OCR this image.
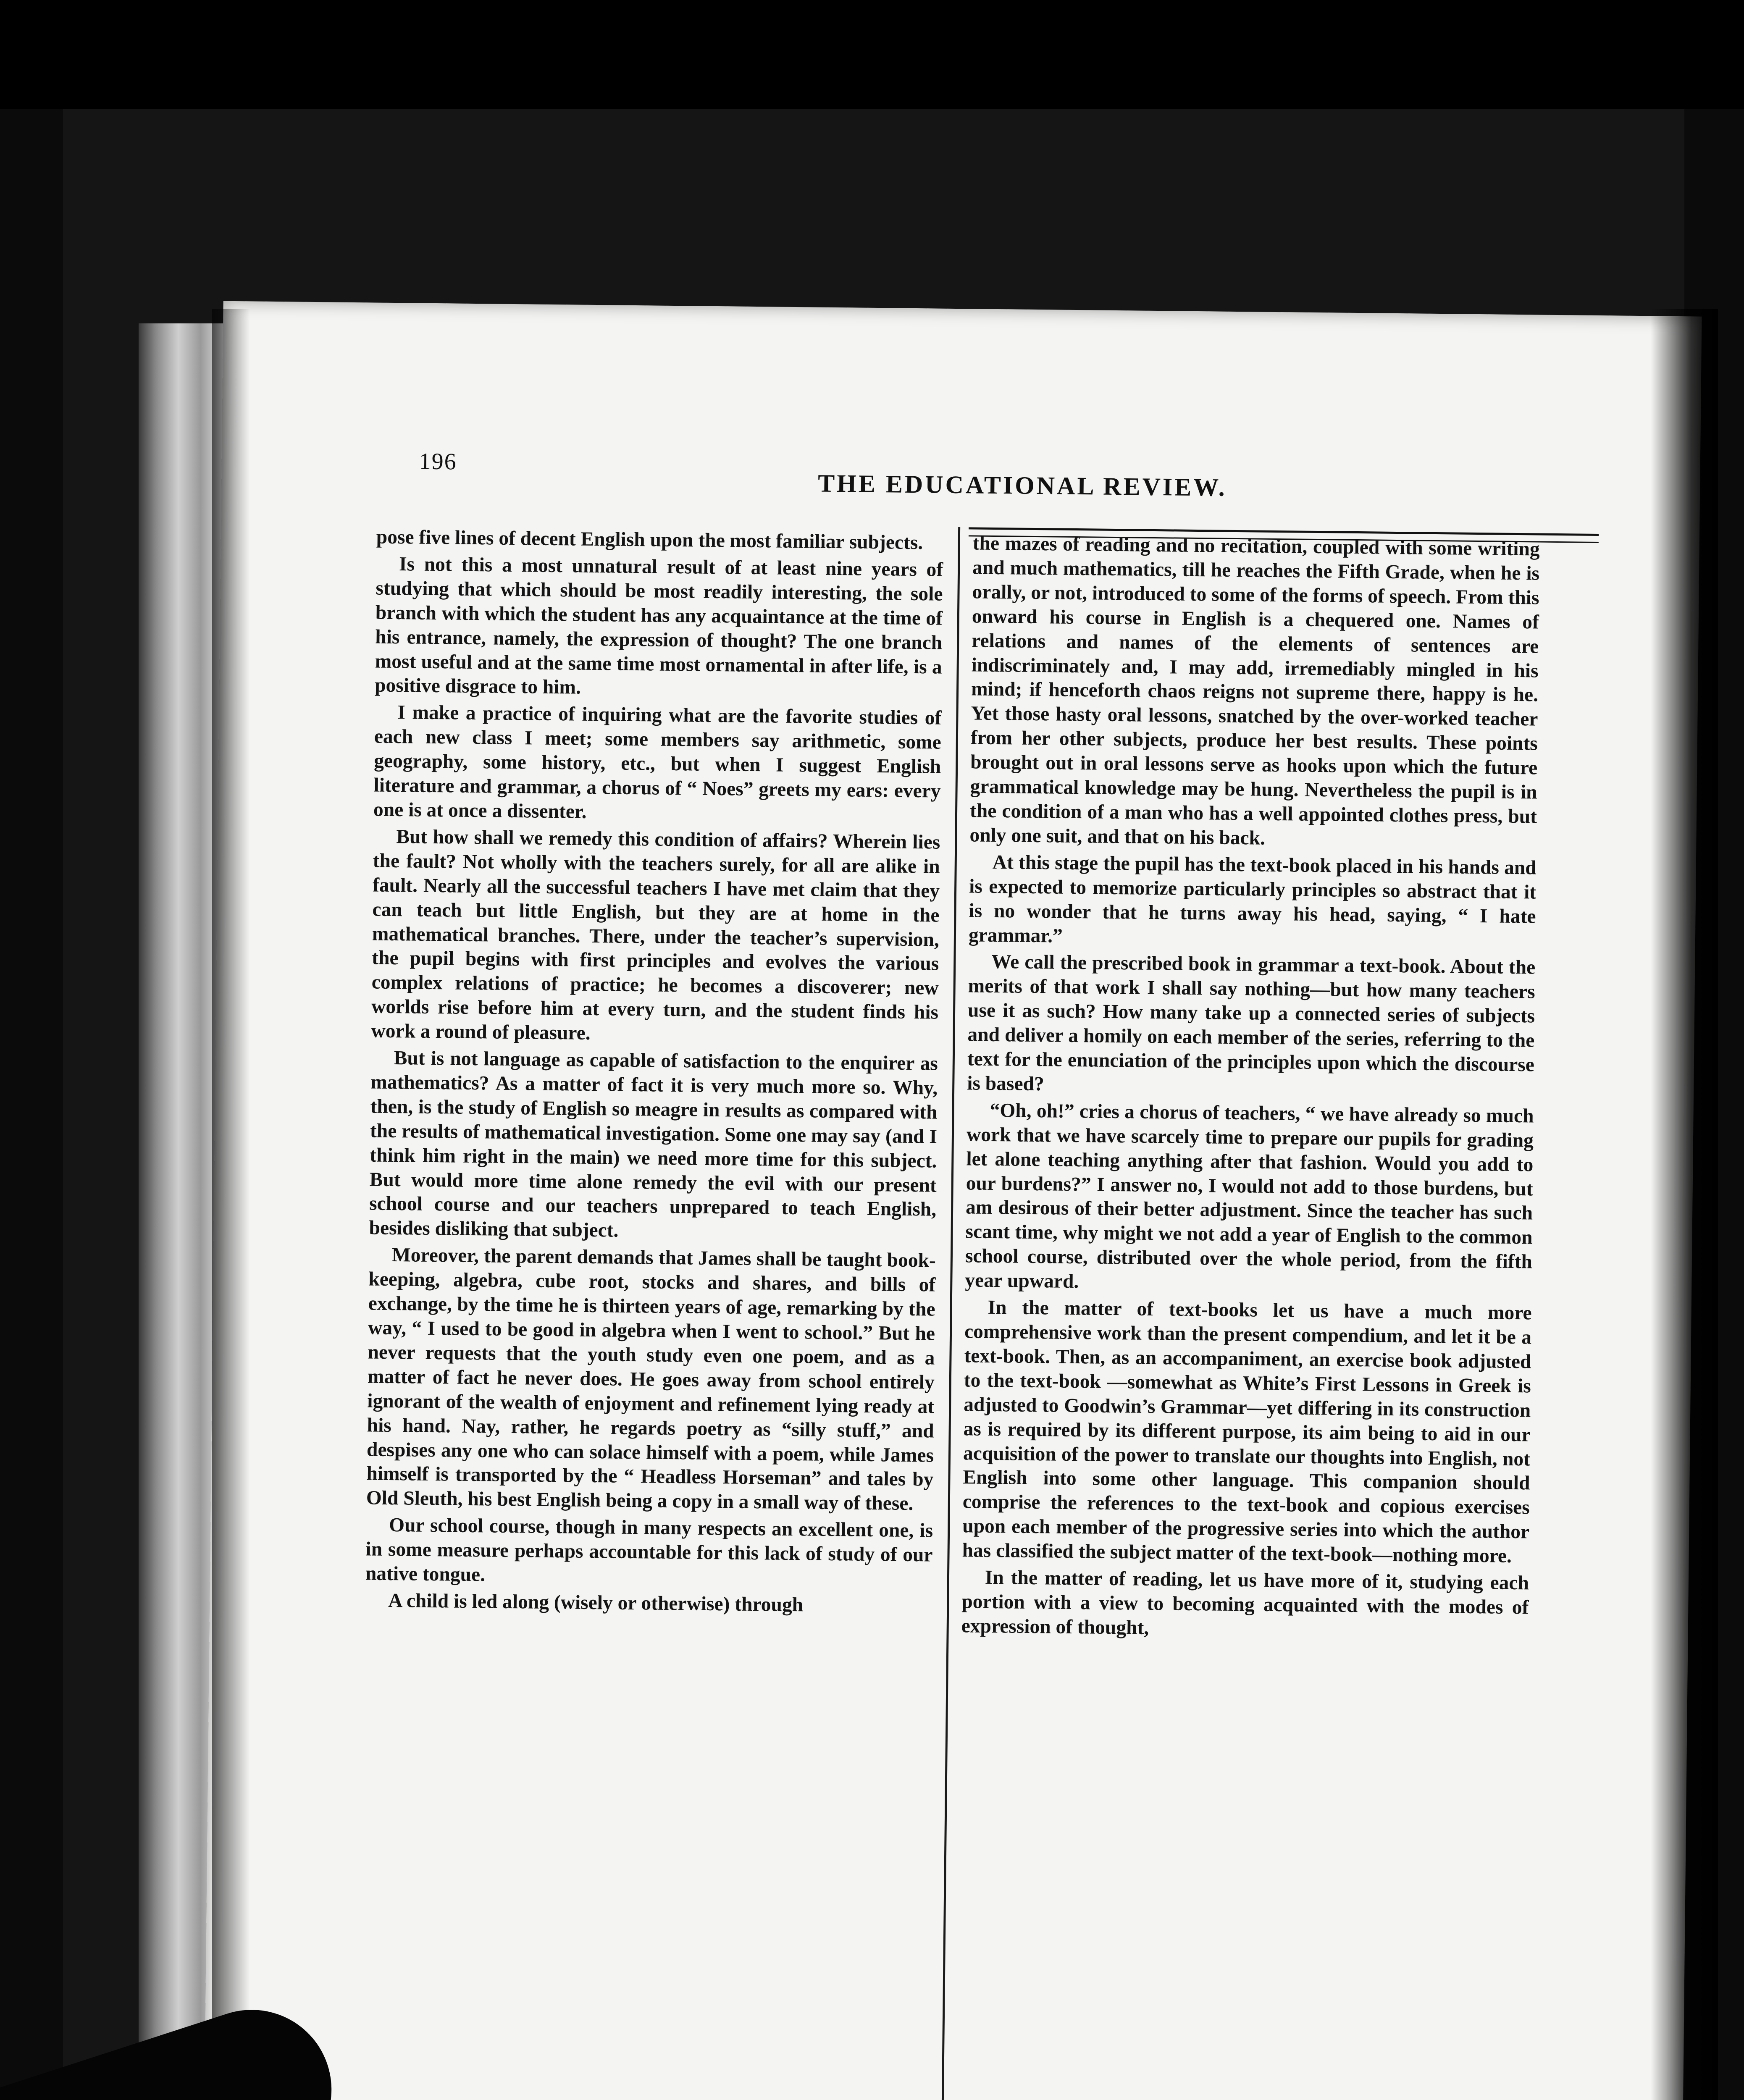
196
THE EDUCATIONAL REVIEW.

pose five lines of decent English upon the most familiar subjects.

Is not this a most unnatural result of at least nine years of studying that which should be most readily interesting, the sole branch with which the student has any acquaintance at the time of his entrance, namely, the expression of thought? The one branch most useful and at the same time most ornamental in after life, is a positive disgrace to him.

I make a practice of inquiring what are the favorite studies of each new class I meet; some members say arithmetic, some geography, some history, etc., but when I suggest English literature and grammar, a chorus of “ Noes” greets my ears: every one is at once a dissenter.

But how shall we remedy this condition of affairs? Wherein lies the fault? Not wholly with the teachers surely, for all are alike in fault. Nearly all the successful teachers I have met claim that they can teach but little English, but they are at home in the mathematical branches. There, under the teacher’s supervision, the pupil begins with first principles and evolves the various complex relations of practice; he becomes a discoverer; new worlds rise before him at every turn, and the student finds his work a round of pleasure.

But is not language as capable of satisfaction to the enquirer as mathematics? As a matter of fact it is very much more so. Why, then, is the study of English so meagre in results as compared with the results of mathematical investigation. Some one may say (and I think him right in the main) we need more time for this subject. But would more time alone remedy the evil with our present school course and our teachers unprepared to teach English, besides disliking that subject.

Moreover, the parent demands that James shall be taught book-keeping, algebra, cube root, stocks and shares, and bills of exchange, by the time he is thirteen years of age, remarking by the way, “ I used to be good in algebra when I went to school.” But he never requests that the youth study even one poem, and as a matter of fact he never does. He goes away from school entirely ignorant of the wealth of enjoyment and refinement lying ready at his hand. Nay, rather, he regards poetry as “silly stuff,” and despises any one who can solace himself with a poem, while James himself is transported by the “ Headless Horseman” and tales by Old Sleuth, his best English being a copy in a small way of these.

Our school course, though in many respects an excellent one, is in some measure perhaps accountable for this lack of study of our native tongue.

A child is led along (wisely or otherwise) through

the mazes of reading and no recitation, coupled with some writing and much mathematics, till he reaches the Fifth Grade, when he is orally, or not, introduced to some of the forms of speech. From this onward his course in English is a chequered one. Names of relations and names of the elements of sentences are indiscriminately and, I may add, irremediably mingled in his mind; if henceforth chaos reigns not supreme there, happy is he. Yet those hasty oral lessons, snatched by the over-worked teacher from her other subjects, produce her best results. These points brought out in oral lessons serve as hooks upon which the future grammatical knowledge may be hung. Nevertheless the pupil is in the condition of a man who has a well appointed clothes press, but only one suit, and that on his back.

At this stage the pupil has the text-book placed in his hands and is expected to memorize particularly principles so abstract that it is no wonder that he turns away his head, saying, “ I hate grammar.”

We call the prescribed book in grammar a text-book. About the merits of that work I shall say nothing—but how many teachers use it as such? How many take up a connected series of subjects and deliver a homily on each member of the series, referring to the text for the enunciation of the principles upon which the discourse is based?

“Oh, oh!” cries a chorus of teachers, “ we have already so much work that we have scarcely time to prepare our pupils for grading let alone teaching anything after that fashion. Would you add to our burdens?” I answer no, I would not add to those burdens, but am desirous of their better adjustment. Since the teacher has such scant time, why might we not add a year of English to the common school course, distributed over the whole period, from the fifth year upward.

In the matter of text-books let us have a much more comprehensive work than the present compendium, and let it be a text-book. Then, as an accompaniment, an exercise book adjusted to the text-book —somewhat as White’s First Lessons in Greek is adjusted to Goodwin’s Grammar—yet differing in its construction as is required by its different purpose, its aim being to aid in our acquisition of the power to translate our thoughts into English, not English into some other language. This companion should comprise the references to the text-book and copious exercises upon each member of the progressive series into which the author has classified the subject matter of the text-book—nothing more.

In the matter of reading, let us have more of it, studying each portion with a view to becoming acquainted with the modes of expression of thought,
